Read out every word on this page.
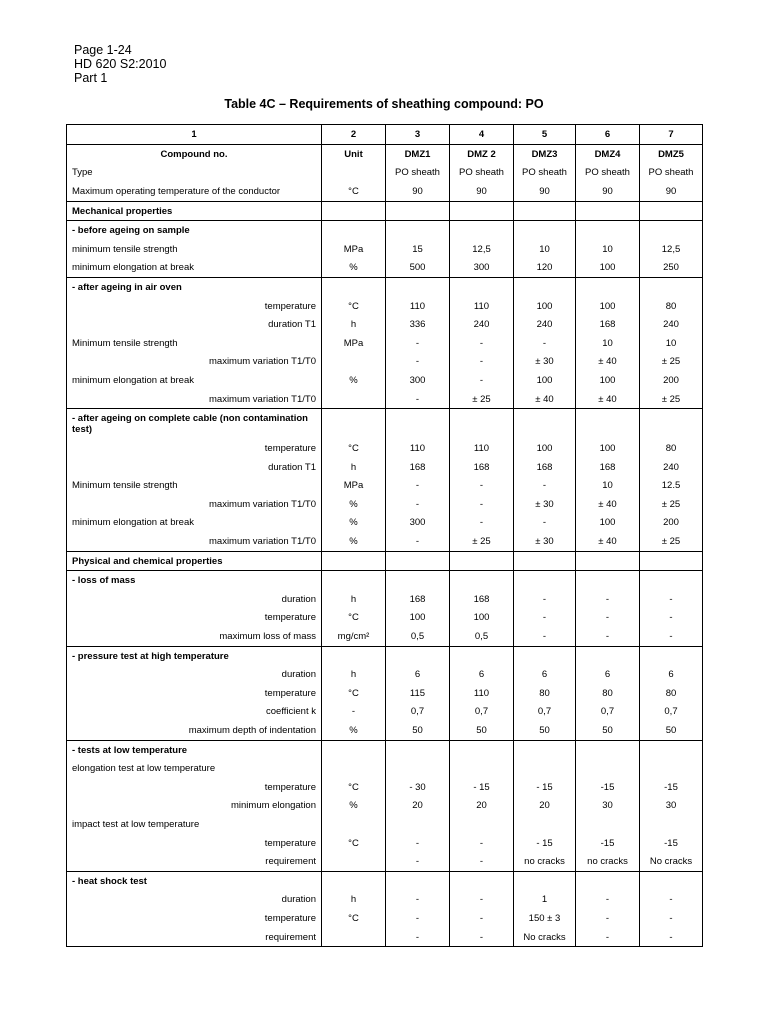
Page 1-24
HD 620 S2:2010
Part 1
Table 4C – Requirements of sheathing compound: PO
1	2	3	4	5	6	7
Compound no.	Unit	DMZ1	DMZ 2	DMZ3	DMZ4	DMZ5
Type		PO sheath	PO sheath	PO sheath	PO sheath	PO sheath
Maximum operating temperature of the conductor	°C	90	90	90	90	90
Mechanical properties						
- before ageing on sample						
minimum tensile strength	MPa	15	12,5	10	10	12,5
minimum elongation at break	%	500	300	120	100	250
- after ageing in air oven						
temperature	°C	110	110	100	100	80
duration T1	h	336	240	240	168	240
Minimum tensile strength	MPa	-	-	-	10	10
maximum variation T1/T0		-	-	± 30	± 40	± 25
minimum elongation at break	%	300	-	100	100	200
maximum variation T1/T0		-	± 25	± 40	± 40	± 25
- after ageing on complete cable (non contamination test)						
temperature	°C	110	110	100	100	80
duration T1	h	168	168	168	168	240
Minimum tensile strength	MPa	-	-	-	10	12.5
maximum variation T1/T0	%	-	-	± 30	± 40	± 25
minimum elongation at break	%	300	-	-	100	200
maximum variation T1/T0	%	-	± 25	± 30	± 40	± 25
Physical and chemical properties						
- loss of mass						
duration	h	168	168	-	-	-
temperature	°C	100	100	-	-	-
maximum loss of mass	mg/cm²	0,5	0,5	-	-	-
- pressure test at high temperature						
duration	h	6	6	6	6	6
temperature	°C	115	110	80	80	80
coefficient k	-	0,7	0,7	0,7	0,7	0,7
maximum depth of indentation	%	50	50	50	50	50
- tests at low temperature						
elongation test at low temperature						
temperature	°C	- 30	- 15	- 15	-15	-15
minimum elongation	%	20	20	20	30	30
impact test at low temperature						
temperature	°C	-	-	- 15	-15	-15
requirement		-	-	no cracks	no cracks	No cracks
- heat shock test						
duration	h	-	-	1	-	-
temperature	°C	-	-	150 ± 3	-	-
requirement		-	-	No cracks	-	-
